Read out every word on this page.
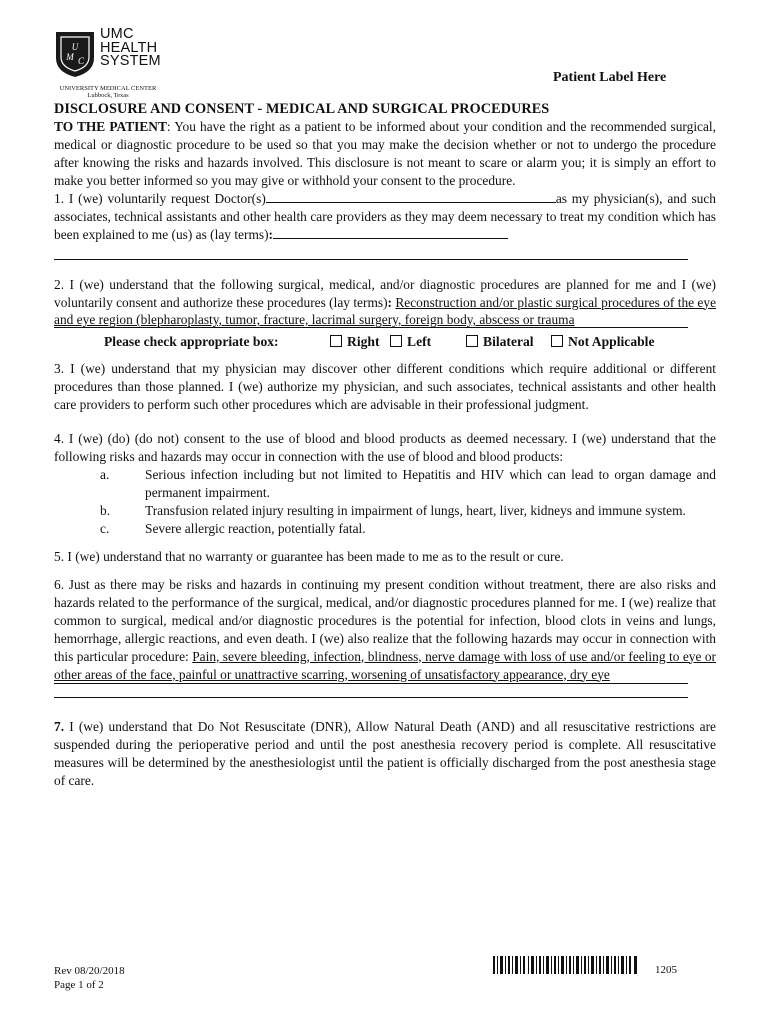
U
M C
UMC
HEALTH
SYSTEM
UNIVERSITY MEDICAL CENTER
Lubbock, Texas
Patient Label Here
DISCLOSURE AND CONSENT - MEDICAL AND SURGICAL PROCEDURES

TO THE PATIENT: You have the right as a patient to be informed about your condition and the recommended surgical, medical or diagnostic procedure to be used so that you may make the decision whether or not to undergo the procedure after knowing the risks and hazards involved. This disclosure is not meant to scare or alarm you; it is simply an effort to make you better informed so you may give or withhold your consent to the procedure.

1. I (we) voluntarily request Doctor(s)	as my physician(s), and such associates, technical assistants and other health care providers as they may deem necessary to treat my condition which has been explained to me (us) as (lay terms):

2. I (we) understand that the following surgical, medical, and/or diagnostic procedures are planned for me and I (we) voluntarily consent and authorize these procedures (lay terms): Reconstruction and/or plastic surgical procedures of the eye and eye region (blepharoplasty, tumor, fracture, lacrimal surgery, foreign body, abscess or trauma

Please check appropriate box:	Right	Left	Bilateral	Not Applicable

3. I (we) understand that my physician may discover other different conditions which require additional or different procedures than those planned. I (we) authorize my physician, and such associates, technical assistants and other health care providers to perform such other procedures which are advisable in their professional judgment.

4. I (we) (do) (do not) consent to the use of blood and blood products as deemed necessary. I (we) understand that the following risks and hazards may occur in connection with the use of blood and blood products:

a.	Serious infection including but not limited to Hepatitis and HIV which can lead to organ damage and permanent impairment.

b.	Transfusion related injury resulting in impairment of lungs, heart, liver, kidneys and immune system.

c.	Severe allergic reaction, potentially fatal.

5. I (we) understand that no warranty or guarantee has been made to me as to the result or cure.

6. Just as there may be risks and hazards in continuing my present condition without treatment, there are also risks and hazards related to the performance of the surgical, medical, and/or diagnostic procedures planned for me. I (we) realize that common to surgical, medical and/or diagnostic procedures is the potential for infection, blood clots in veins and lungs, hemorrhage, allergic reactions, and even death. I (we) also realize that the following hazards may occur in connection with this particular procedure: Pain, severe bleeding, infection, blindness, nerve damage with loss of use and/or feeling to eye or other areas of the face, painful or unattractive scarring, worsening of unsatisfactory appearance, dry eye

7. I (we) understand that Do Not Resuscitate (DNR), Allow Natural Death (AND) and all resuscitative restrictions are suspended during the perioperative period and until the post anesthesia recovery period is complete. All resuscitative measures will be determined by the anesthesiologist until the patient is officially discharged from the post anesthesia stage of care.

Rev 08/20/2018
Page 1 of 2
1205
